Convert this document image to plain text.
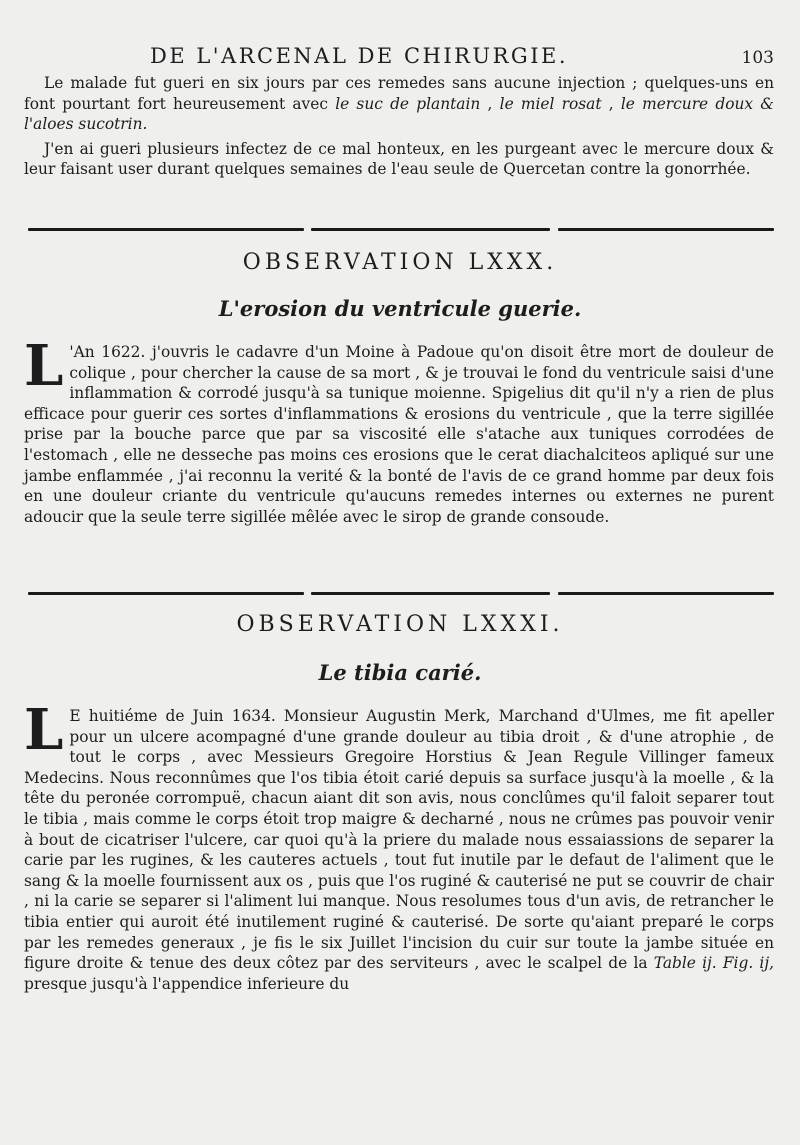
DE L'ARCENAL DE CHIRURGIE.	103

Le malade fut gueri en six jours par ces remedes sans aucune injection ; quelques-uns en font pourtant fort heureusement avec le suc de plantain , le miel rosat , le mercure doux & l'aloes sucotrin.

J'en ai gueri plusieurs infectez de ce mal honteux, en les purgeant avec le mercure doux & leur faisant user durant quelques semaines de l'eau seule de Quercetan contre la gonorrhée.

OBSERVATION LXXX.
L'erosion du ventricule guerie.

L 'An 1622. j'ouvris le cadavre d'un Moine à Padoue qu'on disoit être mort de douleur de colique , pour chercher la cause de sa mort , & je trouvai le fond du ventricule saisi d'une inflammation & corrodé jusqu'à sa tunique moienne. Spigelius dit qu'il n'y a rien de plus efficace pour guerir ces sortes d'inflammations & erosions du ventricule , que la terre sigillée prise par la bouche parce que par sa viscosité elle s'atache aux tuniques corrodées de l'estomach , elle ne desseche pas moins ces erosions que le cerat diachalciteos apliqué sur une jambe enflammée , j'ai reconnu la verité & la bonté de l'avis de ce grand homme par deux fois en une douleur criante du ventricule qu'aucuns remedes internes ou externes ne purent adoucir que la seule terre sigillée mêlée avec le sirop de grande consoude.

OBSERVATION LXXXI.
Le tibia carié.

L E huitiéme de Juin 1634. Monsieur Augustin Merk, Marchand d'Ulmes, me fit apeller pour un ulcere acompagné d'une grande douleur au tibia droit , & d'une atrophie , de tout le corps , avec Messieurs Gregoire Horstius & Jean Regule Villinger fameux Medecins. Nous reconnûmes que l'os tibia étoit carié depuis sa surface jusqu'à la moelle , & la tête du peronée corrompuë, chacun aiant dit son avis, nous conclûmes qu'il faloit separer tout le tibia , mais comme le corps étoit trop maigre & decharné , nous ne crûmes pas pouvoir venir à bout de cicatriser l'ulcere, car quoi qu'à la priere du malade nous essaiassions de separer la carie par les rugines, & les cauteres actuels , tout fut inutile par le defaut de l'aliment que le sang & la moelle fournissent aux os , puis que l'os ruginé & cauterisé ne put se couvrir de chair , ni la carie se separer si l'aliment lui manque. Nous resolumes tous d'un avis, de retrancher le tibia entier qui auroit été inutilement ruginé & cauterisé. De sorte qu'aiant preparé le corps par les remedes generaux , je fis le six Juillet l'incision du cuir sur toute la jambe située en figure droite & tenue des deux côtez par des serviteurs , avec le scalpel de la Table ij. Fig. ij, presque jusqu'à l'appendice inferieure du
